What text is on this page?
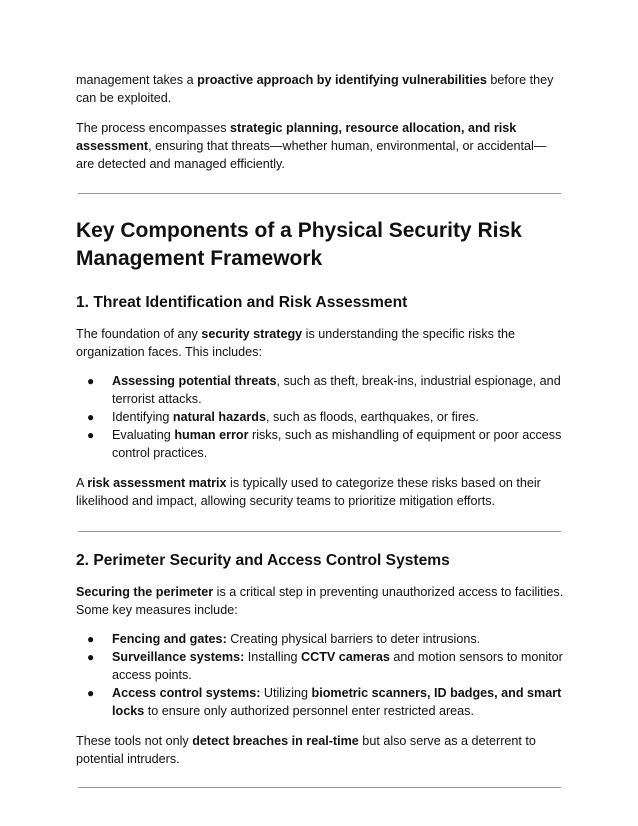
management takes a proactive approach by identifying vulnerabilities before they can be exploited.

The process encompasses strategic planning, resource allocation, and risk assessment, ensuring that threats—whether human, environmental, or accidental—are detected and managed efficiently.

Key Components of a Physical Security Risk Management Framework
1. Threat Identification and Risk Assessment

The foundation of any security strategy is understanding the specific risks the organization faces. This includes:

● Assessing potential threats, such as theft, break-ins, industrial espionage, and terrorist attacks.
● Identifying natural hazards, such as floods, earthquakes, or fires.
● Evaluating human error risks, such as mishandling of equipment or poor access control practices.

A risk assessment matrix is typically used to categorize these risks based on their likelihood and impact, allowing security teams to prioritize mitigation efforts.

2. Perimeter Security and Access Control Systems

Securing the perimeter is a critical step in preventing unauthorized access to facilities. Some key measures include:

● Fencing and gates: Creating physical barriers to deter intrusions.
● Surveillance systems: Installing CCTV cameras and motion sensors to monitor access points.
● Access control systems: Utilizing biometric scanners, ID badges, and smart locks to ensure only authorized personnel enter restricted areas.

These tools not only detect breaches in real-time but also serve as a deterrent to potential intruders.
